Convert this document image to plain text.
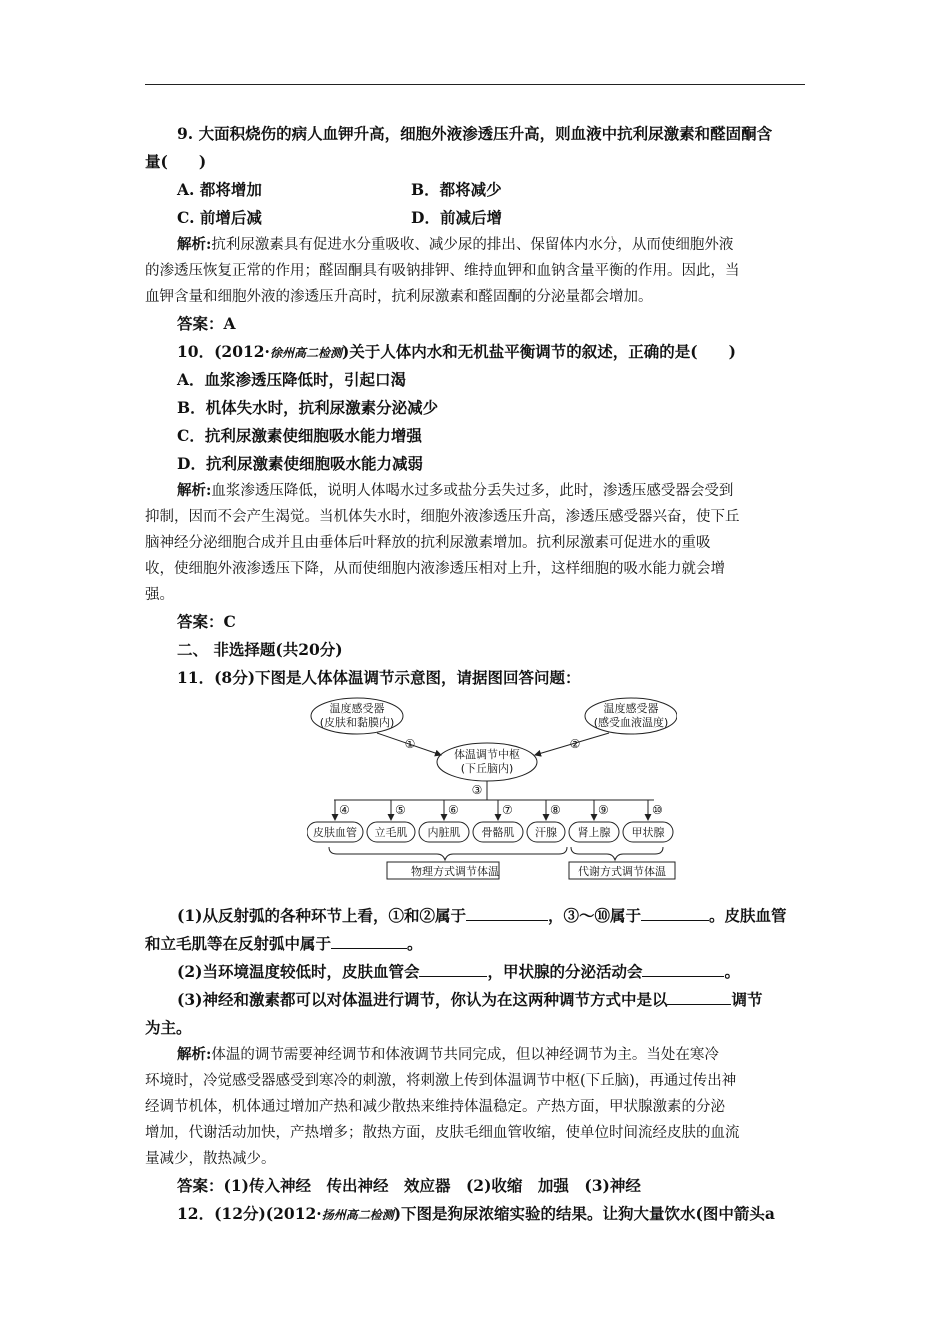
9. 大面积烧伤的病人血钾升高，细胞外液渗透压升高，则血液中抗利尿激素和醛固酮含
量(　　)
A. 都将增加	B．都将减少
C. 前增后减	D．前减后增
解析:抗利尿激素具有促进水分重吸收、减少尿的排出、保留体内水分，从而使细胞外液
的渗透压恢复正常的作用；醛固酮具有吸钠排钾、维持血钾和血钠含量平衡的作用。因此，当
血钾含量和细胞外液的渗透压升高时，抗利尿激素和醛固酮的分泌量都会增加。
答案：A
10．(2012·徐州高二检测)关于人体内水和无机盐平衡调节的叙述，正确的是(　　)
A．血浆渗透压降低时，引起口渴
B．机体失水时，抗利尿激素分泌减少
C．抗利尿激素使细胞吸水能力增强
D．抗利尿激素使细胞吸水能力减弱
解析:血浆渗透压降低，说明人体喝水过多或盐分丢失过多，此时，渗透压感受器会受到
抑制，因而不会产生渴觉。当机体失水时，细胞外液渗透压升高，渗透压感受器兴奋，使下丘
脑神经分泌细胞合成并且由垂体后叶释放的抗利尿激素增加。抗利尿激素可促进水的重吸
收，使细胞外液渗透压下降，从而使细胞内液渗透压相对上升，这样细胞的吸水能力就会增
强。
答案：C
二、 非选择题(共20分)
11．(8分)下图是人体体温调节示意图，请据图回答问题：
温度感受器
(皮肤和黏膜内)
温度感受器
(感受血液温度)
体温调节中枢
(下丘脑内)
①	②
③
物理方式调节体温	代谢方式调节体温
④
皮肤血管
⑤
立毛肌
⑥
内脏肌
⑦
骨骼肌
⑧
汗腺
⑨
肾上腺
⑩
甲状腺
(1)从反射弧的各种环节上看，①和②属于	，③～⑩属于	。皮肤血管
和立毛肌等在反射弧中属于	。
(2)当环境温度较低时，皮肤血管会	，甲状腺的分泌活动会	。
(3)神经和激素都可以对体温进行调节，你认为在这两种调节方式中是以	调节
为主。
解析:体温的调节需要神经调节和体液调节共同完成，但以神经调节为主。当处在寒冷
环境时，冷觉感受器感受到寒冷的刺激，将刺激上传到体温调节中枢(下丘脑)，再通过传出神
经调节机体，机体通过增加产热和减少散热来维持体温稳定。产热方面，甲状腺激素的分泌
增加，代谢活动加快，产热增多；散热方面，皮肤毛细血管收缩，使单位时间流经皮肤的血流
量减少，散热减少。
答案：(1)传入神经　传出神经　效应器　(2)收缩　加强　(3)神经
12．(12分)(2012·扬州高二检测)下图是狗尿浓缩实验的结果。让狗大量饮水(图中箭头a
